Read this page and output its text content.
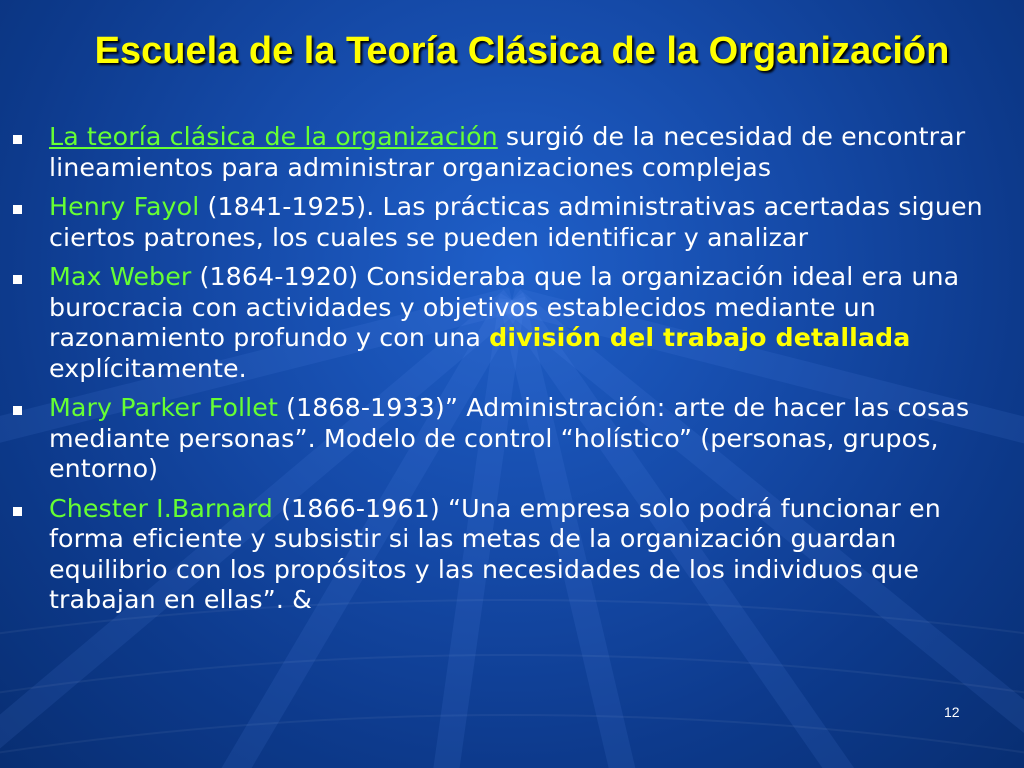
Escuela de la Teoría Clásica de la Organización
La teoría clásica de la organización surgió de la necesidad de encontrar lineamientos para administrar organizaciones complejas
Henry Fayol (1841-1925). Las prácticas administrativas acertadas siguen ciertos patrones, los cuales se pueden identificar y analizar
Max Weber (1864-1920) Consideraba que la organización ideal era una burocracia con actividades y objetivos establecidos mediante un razonamiento profundo y con una división del trabajo detallada explícitamente.
Mary Parker Follet (1868-1933)” Administración: arte de hacer las cosas mediante personas”. Modelo de control “holístico” (personas, grupos, entorno)
Chester I.Barnard (1866-1961) “Una empresa solo podrá funcionar en forma eficiente y subsistir si las metas de la organización guardan equilibrio con los propósitos y las necesidades de los individuos que trabajan en ellas”. &
12
